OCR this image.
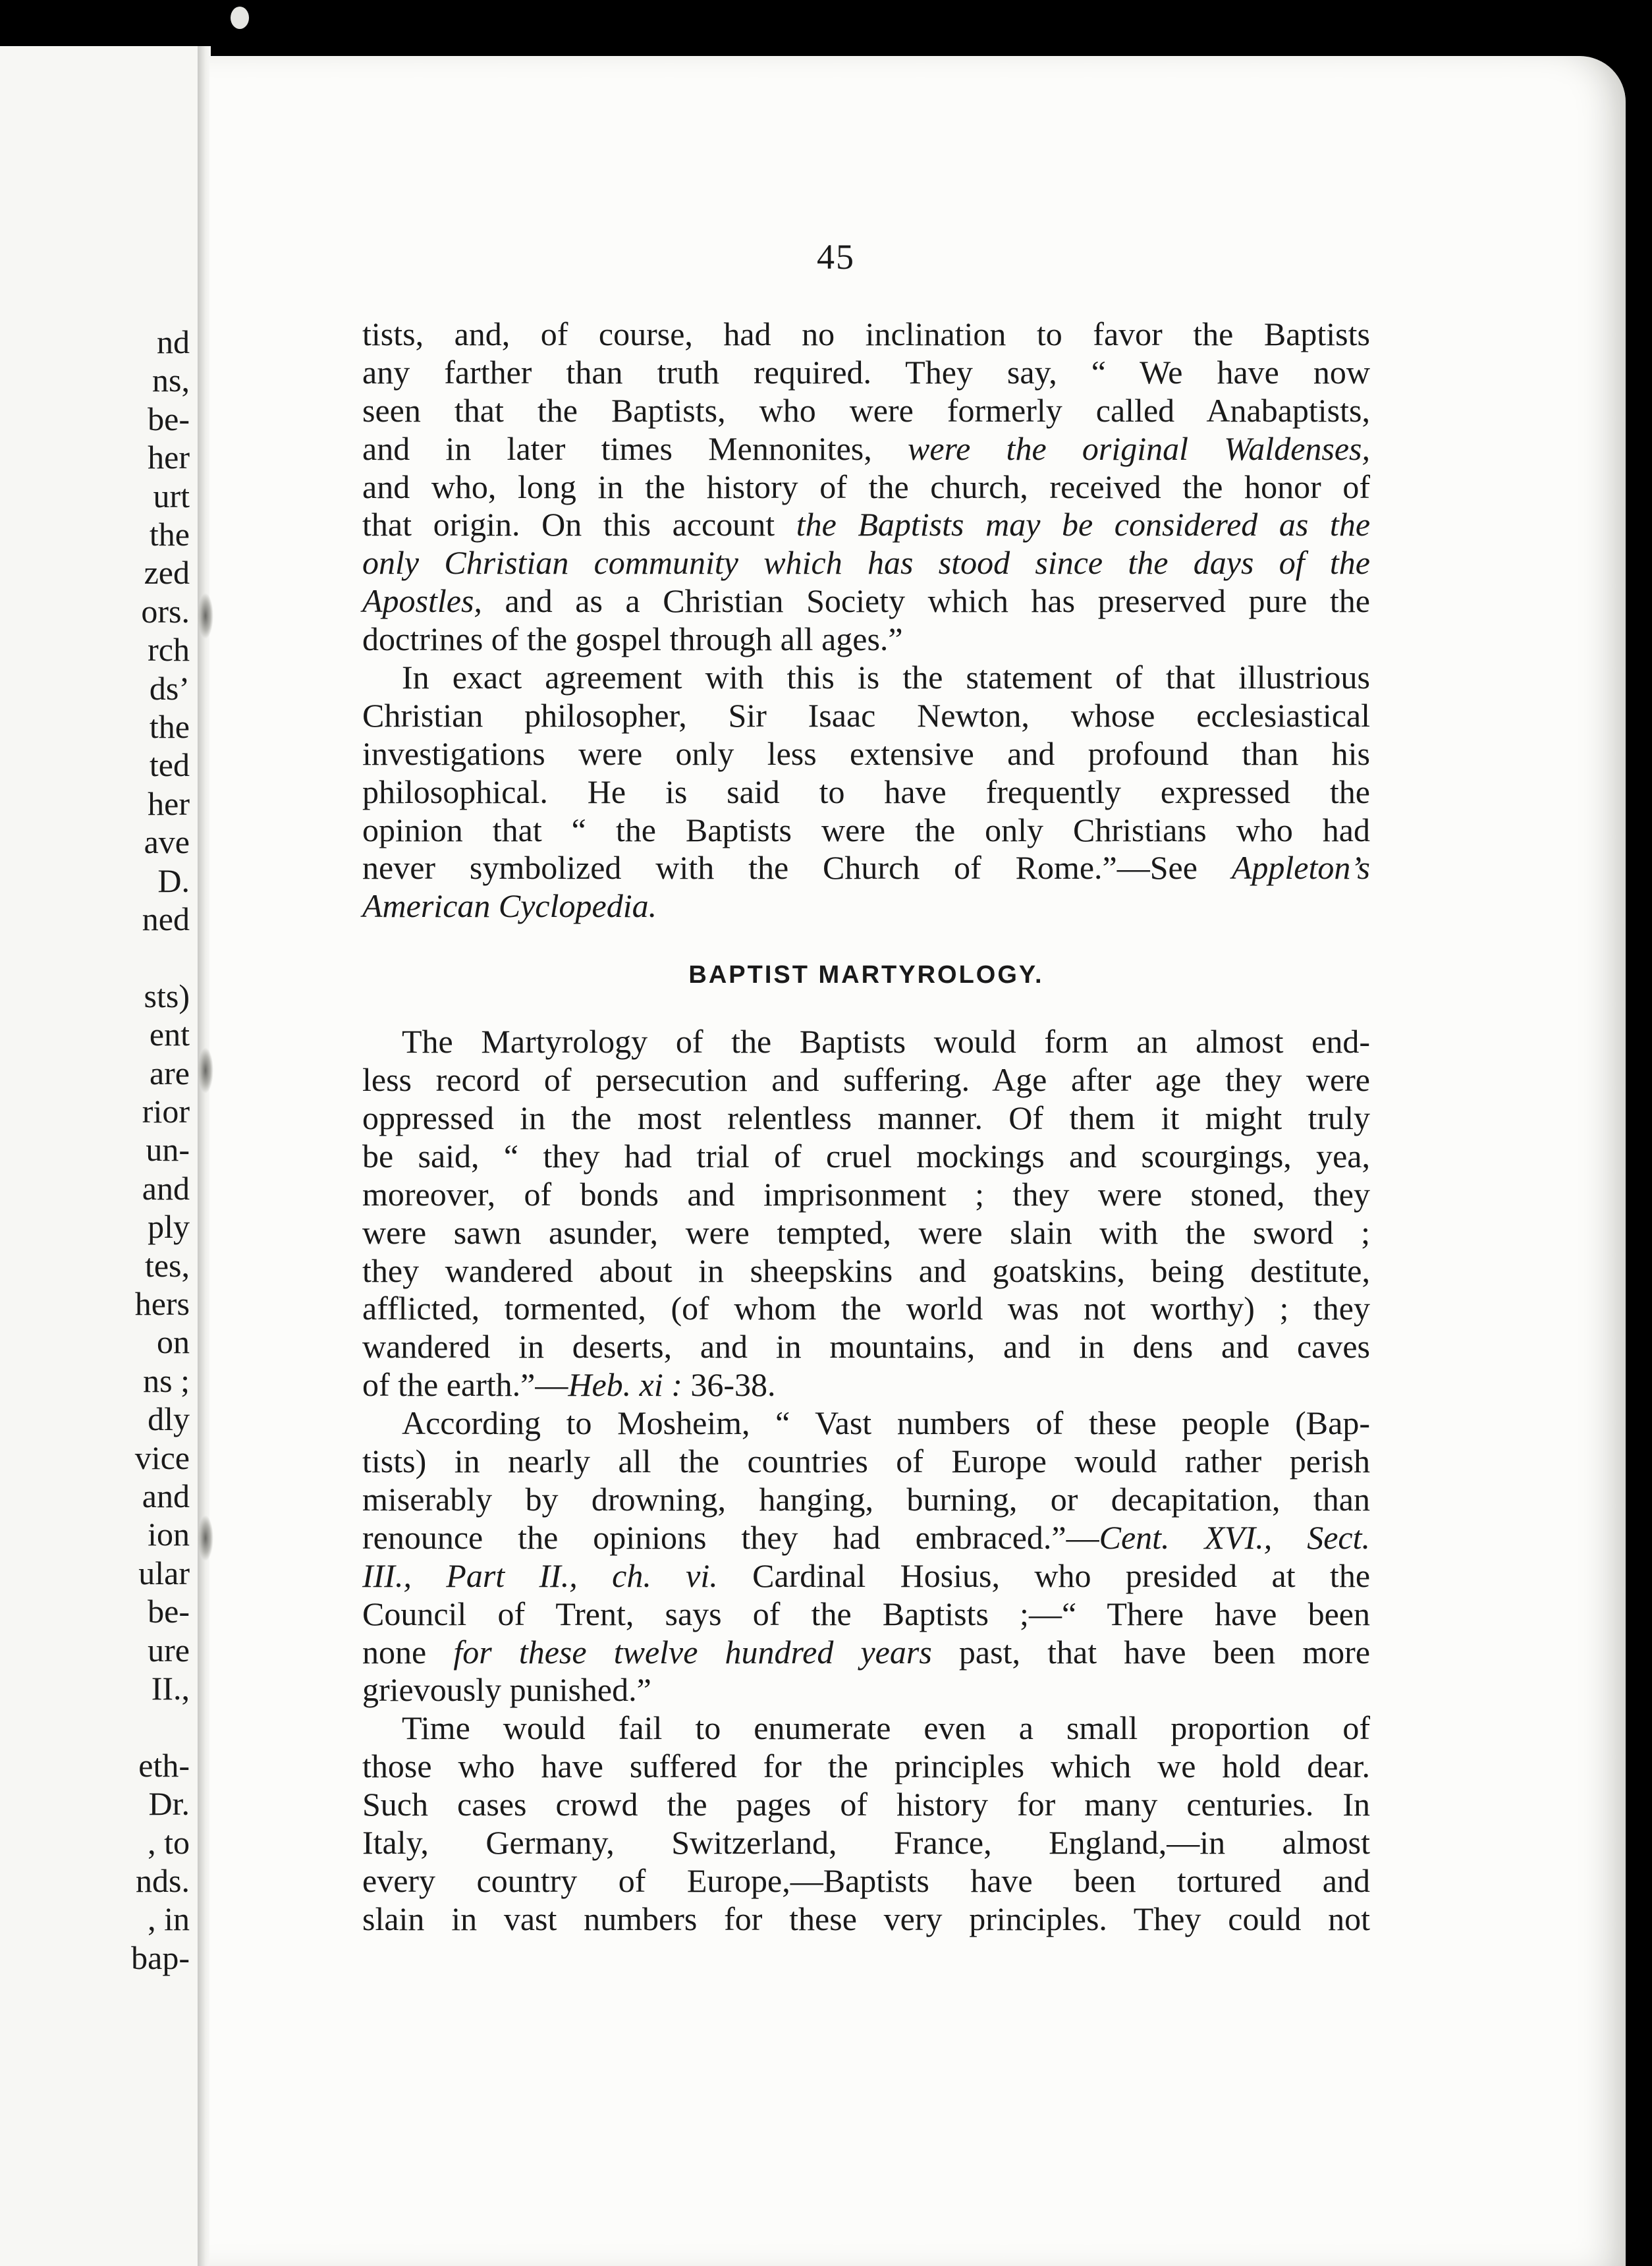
nd
ns,
be-
her
urt
the
zed
ors.
rch
ds’
the
ted
her
ave
D.
ned
sts)
ent
are
rior
un-
and
ply
tes,
hers
on
ns ;
dly
vice
and
ion
ular
be-
ure
II.,
eth-
Dr.
, to
nds.
, in
bap-
45
tists, and, of course, had no inclination to favor the Baptists
any farther than truth required. They say, “ We have now
seen that the Baptists, who were formerly called Anabaptists,
and in later times Mennonites, were the original Waldenses,
and who, long in the history of the church, received the honor of
that origin. On this account the Baptists may be considered as the
only Christian community which has stood since the days of the
Apostles, and as a Christian Society which has preserved pure the
doctrines of the gospel through all ages.”
In exact agreement with this is the statement of that illustrious
Christian philosopher, Sir Isaac Newton, whose ecclesiastical
investigations were only less extensive and profound than his
philosophical. He is said to have frequently expressed the
opinion that “ the Baptists were the only Christians who had
never symbolized with the Church of Rome.”—See Appleton’s
American Cyclopedia.
BAPTIST MARTYROLOGY.
The Martyrology of the Baptists would form an almost end-
less record of persecution and suffering. Age after age they were
oppressed in the most relentless manner. Of them it might truly
be said, “ they had trial of cruel mockings and scourgings, yea,
moreover, of bonds and imprisonment ; they were stoned, they
were sawn asunder, were tempted, were slain with the sword ;
they wandered about in sheepskins and goatskins, being destitute,
afflicted, tormented, (of whom the world was not worthy) ; they
wandered in deserts, and in mountains, and in dens and caves
of the earth.”—Heb. xi : 36-38.
According to Mosheim, “ Vast numbers of these people (Bap-
tists) in nearly all the countries of Europe would rather perish
miserably by drowning, hanging, burning, or decapitation, than
renounce the opinions they had embraced.”—Cent. XVI., Sect.
III., Part II., ch. vi. Cardinal Hosius, who presided at the
Council of Trent, says of the Baptists ;—“ There have been
none for these twelve hundred years past, that have been more
grievously punished.”
Time would fail to enumerate even a small proportion of
those who have suffered for the principles which we hold dear.
Such cases crowd the pages of history for many centuries. In
Italy, Germany, Switzerland, France, England,—in almost
every country of Europe,—Baptists have been tortured and
slain in vast numbers for these very principles. They could not
